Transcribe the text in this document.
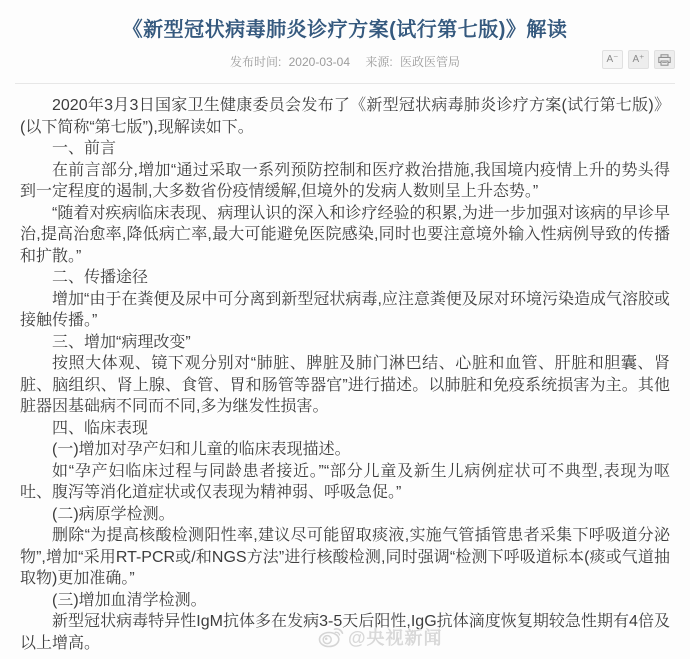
《新型冠状病毒肺炎诊疗方案(试行第七版)》解读
发布时间: 2020-03-04 来源: 医政医管局	A⁻	A⁺

2020年3月3日国家卫生健康委员会发布了《新型冠状病毒肺炎诊疗方案(试行第七版)》(以下简称“第七版”),现解读如下。

一、前言

在前言部分,增加“通过采取一系列预防控制和医疗救治措施,我国境内疫情上升的势头得到一定程度的遏制,大多数省份疫情缓解,但境外的发病人数则呈上升态势。”

“随着对疾病临床表现、病理认识的深入和诊疗经验的积累,为进一步加强对该病的早诊早治,提高治愈率,降低病亡率,最大可能避免医院感染,同时也要注意境外输入性病例导致的传播和扩散。”

二、传播途径

增加“由于在粪便及尿中可分离到新型冠状病毒,应注意粪便及尿对环境污染造成气溶胶或接触传播。”

三、增加“病理改变”

按照大体观、镜下观分别对“肺脏、脾脏及肺门淋巴结、心脏和血管、肝脏和胆囊、肾脏、脑组织、肾上腺、食管、胃和肠管等器官”进行描述。以肺脏和免疫系统损害为主。其他脏器因基础病不同而不同,多为继发性损害。

四、临床表现

(一)增加对孕产妇和儿童的临床表现描述。

如“孕产妇临床过程与同龄患者接近。”“部分儿童及新生儿病例症状可不典型,表现为呕吐、腹泻等消化道症状或仅表现为精神弱、呼吸急促。”

(二)病原学检测。

删除“为提高核酸检测阳性率,建议尽可能留取痰液,实施气管插管患者采集下呼吸道分泌物”,增加“采用RT-PCR或/和NGS方法”进行核酸检测,同时强调“检测下呼吸道标本(痰或气道抽取物)更加准确。”

(三)增加血清学检测。

新型冠状病毒特异性IgM抗体多在发病3-5天后阳性,IgG抗体滴度恢复期较急性期有4倍及以上增高。	@央视新闻
